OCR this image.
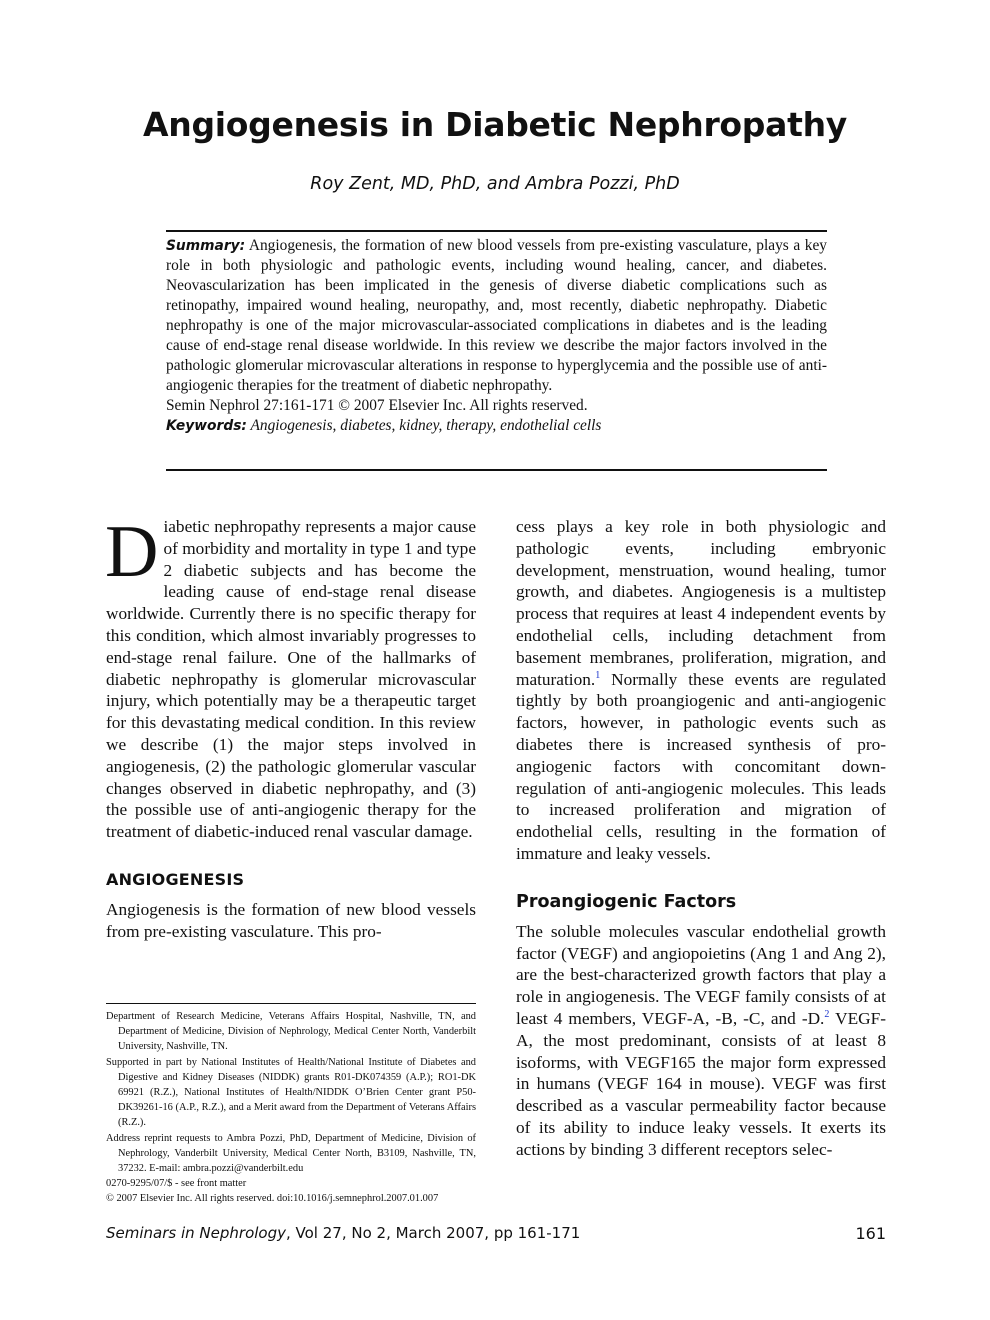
Angiogenesis in Diabetic Nephropathy
Roy Zent, MD, PhD, and Ambra Pozzi, PhD

Summary: Angiogenesis, the formation of new blood vessels from pre-existing vasculature, plays a key role in both physiologic and pathologic events, including wound healing, cancer, and diabetes. Neovascularization has been implicated in the genesis of diverse diabetic complications such as retinopathy, impaired wound healing, neuropathy, and, most recently, diabetic nephropathy. Diabetic nephropathy is one of the major microvascular-associated complications in diabetes and is the leading cause of end-stage renal disease worldwide. In this review we describe the major factors involved in the pathologic glomerular microvascular alterations in response to hyperglycemia and the possible use of anti-angiogenic therapies for the treatment of diabetic nephropathy.

Semin Nephrol 27:161-171 © 2007 Elsevier Inc. All rights reserved.

Keywords: Angiogenesis, diabetes, kidney, therapy, endothelial cells

Diabetic nephropathy represents a major cause of morbidity and mortality in type 1 and type 2 diabetic subjects and has become the leading cause of end-stage renal disease worldwide. Currently there is no specific therapy for this condition, which almost invariably progresses to end-stage renal failure. One of the hallmarks of diabetic nephropathy is glomerular microvascular injury, which potentially may be a therapeutic target for this devastating medical condition. In this review we describe (1) the major steps involved in angiogenesis, (2) the pathologic glomerular vascular changes observed in diabetic nephropathy, and (3) the possible use of anti-angiogenic therapy for the treatment of diabetic-induced renal vascular damage.

ANGIOGENESIS

Angiogenesis is the formation of new blood vessels from pre-existing vasculature. This pro-

Department of Research Medicine, Veterans Affairs Hospital, Nashville, TN, and Department of Medicine, Division of Nephrology, Medical Center North, Vanderbilt University, Nashville, TN.
Supported in part by National Institutes of Health/National Institute of Diabetes and Digestive and Kidney Diseases (NIDDK) grants R01-DK074359 (A.P.); RO1-DK 69921 (R.Z.), National Institutes of Health/NIDDK O’Brien Center grant P50-DK39261-16 (A.P., R.Z.), and a Merit award from the Department of Veterans Affairs (R.Z.).
Address reprint requests to Ambra Pozzi, PhD, Department of Medicine, Division of Nephrology, Vanderbilt University, Medical Center North, B3109, Nashville, TN, 37232. E-mail: ambra.pozzi@vanderbilt.edu
0270-9295/07/$ - see front matter
© 2007 Elsevier Inc. All rights reserved. doi:10.1016/j.semnephrol.2007.01.007

cess plays a key role in both physiologic and pathologic events, including embryonic development, menstruation, wound healing, tumor growth, and diabetes. Angiogenesis is a multistep process that requires at least 4 independent events by endothelial cells, including detachment from basement membranes, proliferation, migration, and maturation.$^1$ Normally these events are regulated tightly by both proangiogenic and anti-angiogenic factors, however, in pathologic events such as diabetes there is increased synthesis of pro-angiogenic factors with concomitant down-regulation of anti-angiogenic molecules. This leads to increased proliferation and migration of endothelial cells, resulting in the formation of immature and leaky vessels.

Proangiogenic Factors

The soluble molecules vascular endothelial growth factor (VEGF) and angiopoietins (Ang 1 and Ang 2), are the best-characterized growth factors that play a role in angiogenesis. The VEGF family consists of at least 4 members, VEGF-A, -B, -C, and -D.$^2$ VEGF-A, the most predominant, consists of at least 8 isoforms, with VEGF165 the major form expressed in humans (VEGF 164 in mouse). VEGF was first described as a vascular permeability factor because of its ability to induce leaky vessels. It exerts its actions by binding 3 different receptors selec-

Seminars in Nephrology, Vol 27, No 2, March 2007, pp 161-171	161
